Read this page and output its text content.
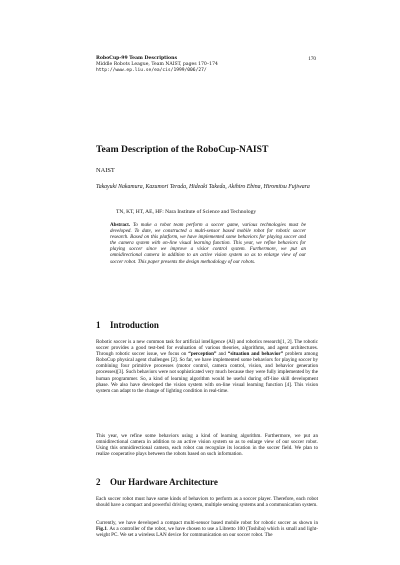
RoboCup-99 Team Descriptions
Middle Robots League, Team NAIST, pages 170–174
http://www.ep.liu.se/ea/cis/1999/006/27/
170
Team Description of the RoboCup-NAIST
NAIST
Takayuki Nakamura, Kazumori Terada, Hideaki Takeda, Akihiro Ebina, Hiromitsu Fujiwara
TN, KT, HT, AE, HF: Nara Institute of Science and Technology
Abstract. To make a robot team perform a soccer game, various technologies must be developed. To date, we constructed a multi-sensor based mobile robot for robotic soccer research. Based on this platform, we have implemented some behaviors for playing soccer and the camera system with on-line visual learning function. This year, we refine behaviors for playing soccer since we improve a visior control system. Furthermore, we put an omnidirectional camera in addition to an active vision system so as to enlarge view of our soccer robot. This paper presents the design methodology of our robots.
1 Introduction
Robotic soccer is a new common task for artificial intelligence (AI) and robotics research[1, 2]. The robotic soccer provides a good test-bed for evaluation of various theories, algorithms, and agent architectures. Through robotic soccer issue, we focus on “perception” and “situation and behavior” problem among RoboCup physical agent challenges [2]. So far, we have implemented some behaviors for playing soccer by combining four primitive processes (motor control, camera control, vision, and behavior generation processes)[3]. Such behaviors were not sophisticated very much because they were fully implemented by the human programmer. So, a kind of learning algorithm would be useful during off-line skill development phase. We also have developed the vision system with on-line visual learning function [4]. This vision system can adapt to the change of lighting condition in real-time.
This year, we refine some behaviors using a kind of learning algorithm. Furthermore, we put an omnidirectional camera in addition to an active vision system so as to enlarge view of our soccer robot. Using this omnidirectional camera, each robot can recognize its location in the soccer field. We plan to realize cooperative plays between the robots based on such information.
2 Our Hardware Architecture
Each soccer robot must have some kinds of behaviors to perform as a soccer player. Therefore, each robot should have a compact and powerful driving system, multiple sensing systems and a communication system.
Currently, we have developed a compact multi-sensor based mobile robot for robotic soccer as shown in Fig.1. As a controller of the robot, we have chosen to use a Libretto 100 (Toshiba) which is small and light-weight PC. We set a wireless LAN device for communication on our soccer robot. The
